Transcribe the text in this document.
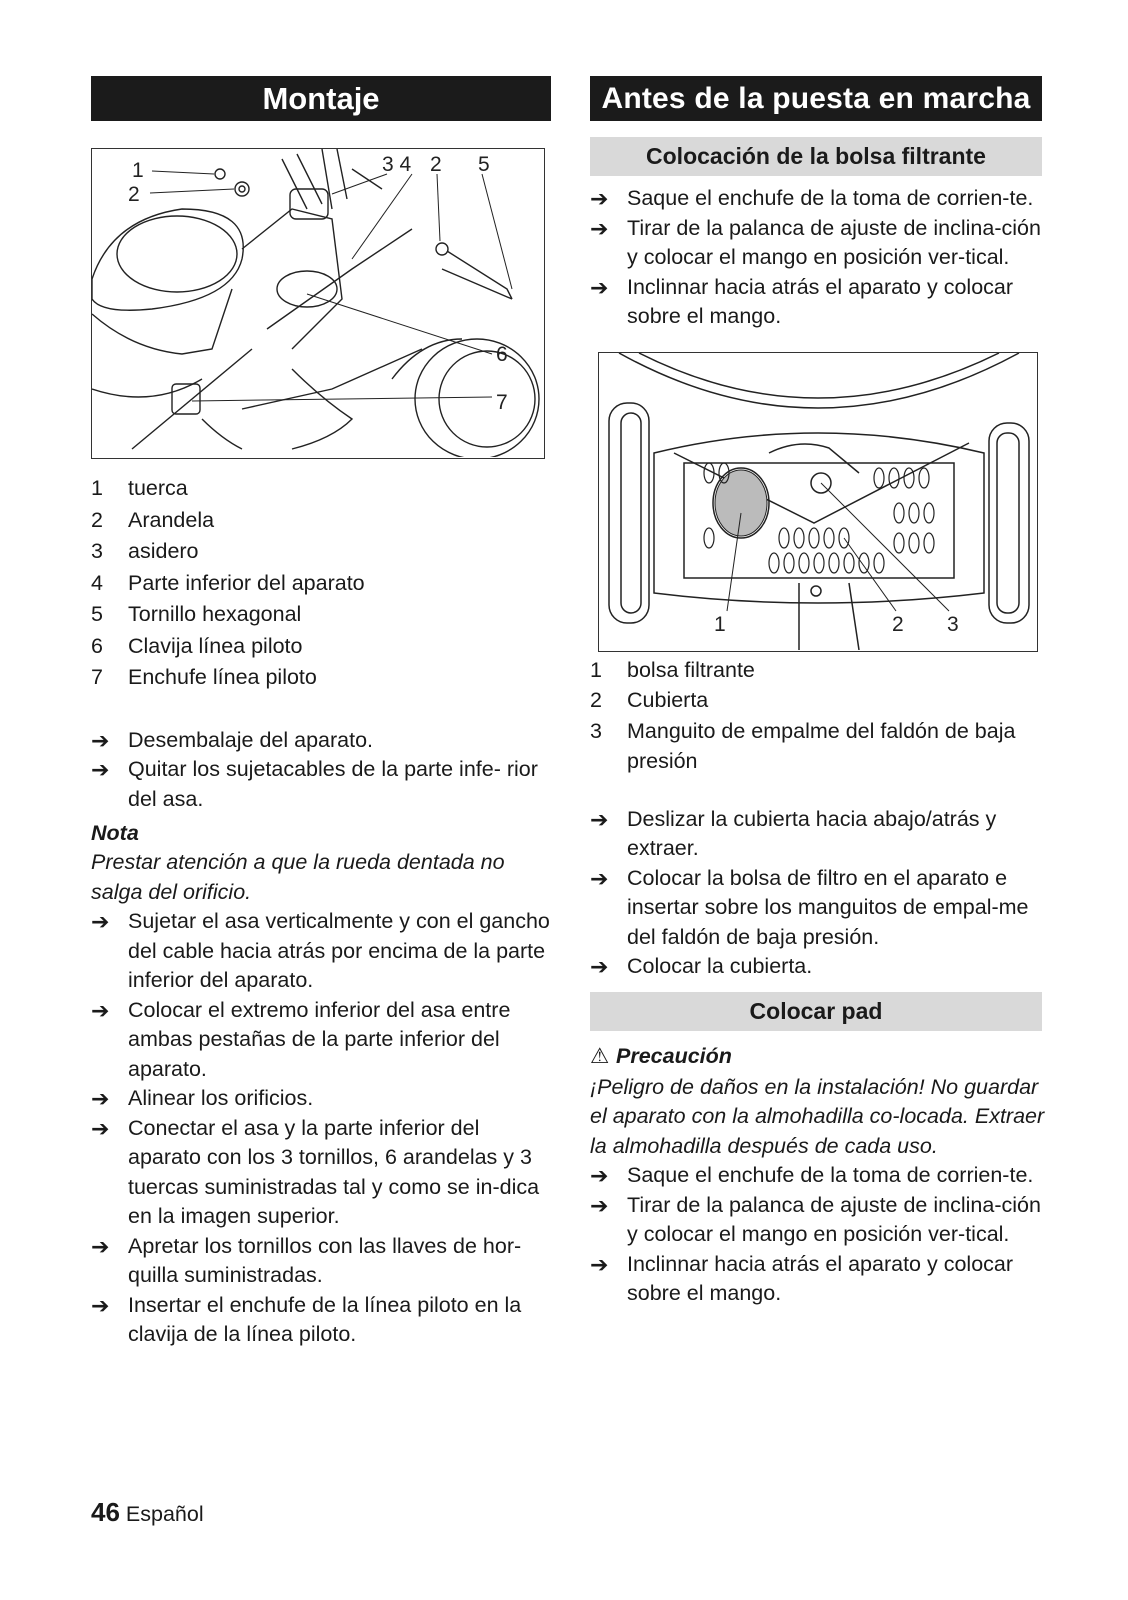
Montaje
1
2
3 4 2 5
6
7
1	tuerca
2	Arandela
3	asidero
4	Parte inferior del aparato
5	Tornillo hexagonal
6	Clavija línea piloto
7	Enchufe línea piloto
➔ Desembalaje del aparato.
➔ Quitar los sujetacables de la parte infe- rior del asa.
Nota
Prestar atención a que la rueda dentada no salga del orificio.
➔ Sujetar el asa verticalmente y con el gancho del cable hacia atrás por encima de la parte inferior del aparato.
➔ Colocar el extremo inferior del asa entre ambas pestañas de la parte inferior del aparato.
➔ Alinear los orificios.
➔ Conectar el asa y la parte inferior del aparato con los 3 tornillos, 6 arandelas y 3 tuercas suministradas tal y como se in-dica en la imagen superior.
➔ Apretar los tornillos con las llaves de hor-quilla suministradas.
➔ Insertar el enchufe de la línea piloto en la clavija de la línea piloto.
Antes de la puesta en marcha
Colocación de la bolsa filtrante
➔ Saque el enchufe de la toma de corrien-te.
➔ Tirar de la palanca de ajuste de inclina-ción y colocar el mango en posición ver-tical.
➔ Inclinnar hacia atrás el aparato y colocar sobre el mango.
1	2 3
1	bolsa filtrante
2	Cubierta
3	Manguito de empalme del faldón de baja presión
➔ Deslizar la cubierta hacia abajo/atrás y extraer.
➔ Colocar la bolsa de filtro en el aparato e insertar sobre los manguitos de empal-me del faldón de baja presión.
➔ Colocar la cubierta.
Colocar pad
⚠ Precaución
¡Peligro de daños en la instalación! No guardar el aparato con la almohadilla co-locada. Extraer la almohadilla después de cada uso.
➔ Saque el enchufe de la toma de corrien-te.
➔ Tirar de la palanca de ajuste de inclina-ción y colocar el mango en posición ver-tical.
➔ Inclinnar hacia atrás el aparato y colocar sobre el mango.
46 Español
